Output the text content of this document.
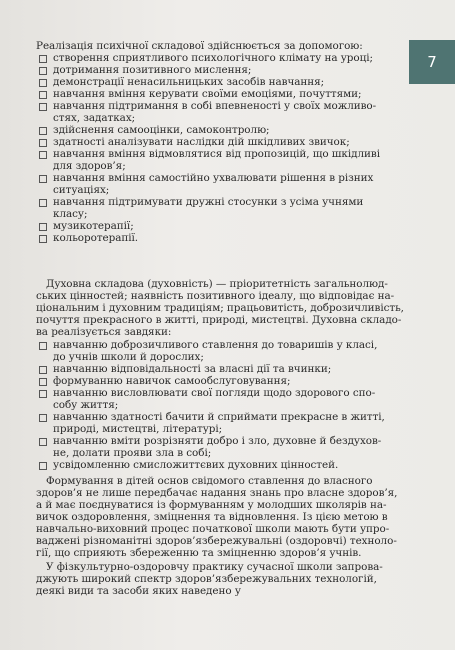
7
Реалізація психічної складової здійснюється за допомогою:
створення сприятливого психологічного клімату на уроці;
дотримання позитивного мислення;
демонстрації ненасильницьких засобів навчання;
навчання вміння керувати своїми емоціями, почуттями;
навчання підтримання в собі впевненості у своїх можливо-
стях, задатках;
здійснення самооцінки, самоконтролю;
здатності аналізувати наслідки дій шкідливих звичок;
навчання вміння відмовлятися від пропозицій, що шкідливі
для здоров’я;
навчання вміння самостійно ухвалювати рішення в різних
ситуаціях;
навчання підтримувати дружні стосунки з усіма учнями
класу;
музикотерапії;
кольоротерапії.
Духовна складова (духовність) — пріоритетність загальнолюд-
ських цінностей; наявність позитивного ідеалу, що відповідає на-
ціональним і духовним традиціям; працьовитість, доброзичливість,
почуття прекрасного в житті, природі, мистецтві. Духовна складо-
ва реалізується завдяки:
навчанню доброзичливого ставлення до товаришів у класі,
до учнів школи й дорослих;
навчанню відповідальності за власні дії та вчинки;
формуванню навичок самообслуговування;
навчанню висловлювати свої погляди щодо здорового спо-
собу життя;
навчанню здатності бачити й сприймати прекрасне в житті,
природі, мистецтві, літературі;
навчанню вміти розрізняти добро і зло, духовне й бездухов-
не, долати прояви зла в собі;
усвідомленню смисложиттєвих духовних цінностей.
Формування в дітей основ свідомого ставлення до власного
здоров’я не лише передбачає надання знань про власне здоров’я,
а й має поєднуватися із формуванням у молодших школярів на-
вичок оздоровлення, зміцнення та відновлення. Із цією метою в
навчально-виховний процес початкової школи мають бути упро-
ваджені різноманітні здоров’язбережувальні (оздоровчі) техноло-
гії, що сприяють збереженню та зміцненню здоров’я учнів.
У фізкультурно-оздоровчу практику сучасної школи запрова-
джують широкий спектр здоров’язбережувальних технологій,
деякі види та засоби яких наведено у
